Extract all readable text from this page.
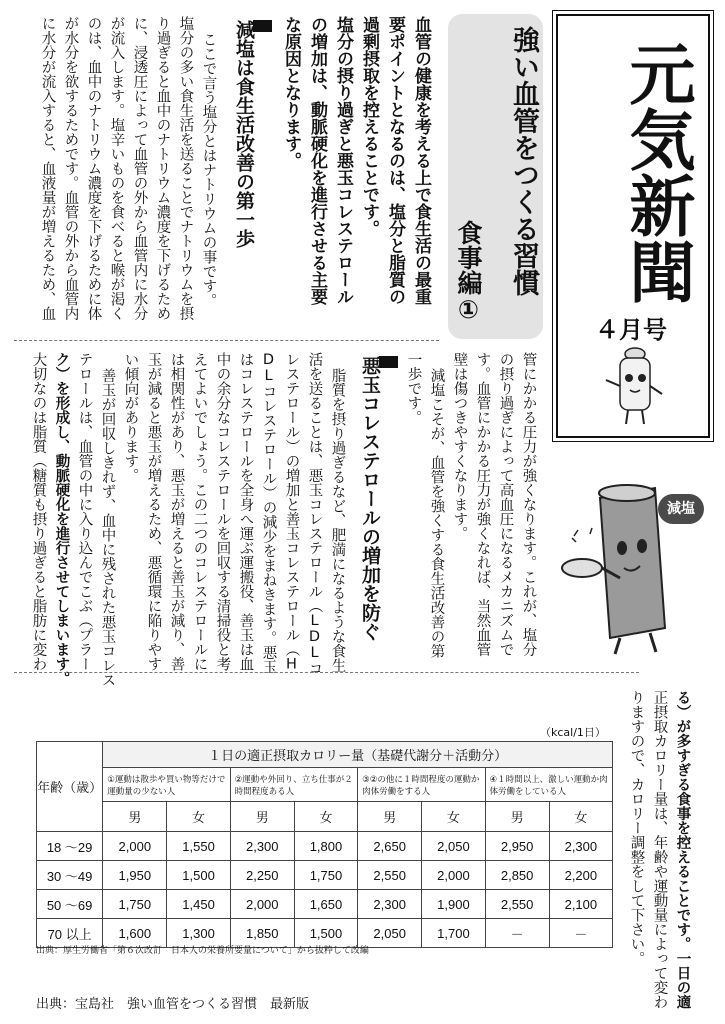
元気新聞
４月号
強い血管をつくる習慣
食事編①
血管の健康を考える上で食生活の最重
要ポイントとなるのは、塩分と脂質の
過剰摂取を控えることです。
塩分の摂り過ぎと悪玉コレステロール
の増加は、動脈硬化を進行させる主要
な原因となります。
減塩は食生活改善の第一歩
ここで言う塩分とはナトリウムの事です。
塩分の多い食生活を送ることでナトリウムを摂
り過ぎると血中のナトリウム濃度を下げるため
に、浸透圧によって血管の外から血管内に水分
が流入します。塩辛いものを食べると喉が渇く
のは、血中のナトリウム濃度を下げるために体
が水分を欲するためです。血管の外から血管内
に水分が流入すると、血液量が増えるため、血
管にかかる圧力が強くなります。これが、塩分
の摂り過ぎによって高血圧になるメカニズムで
す。血管にかかる圧力が強くなれば、当然血管
壁は傷つきやすくなります。
減塩こそが、血管を強くする食生活改善の第
一歩です。
悪玉コレステロールの増加を防ぐ
脂質を摂り過ぎるなど、肥満になるような食生
活を送ることは、悪玉コレステロール（LDLコ
レステロール）の増加と善玉コレステロール（H
DLコレステロール）の減少をまねきます。悪玉
はコレステロールを全身へ運ぶ運搬役、善玉は血
中の余分なコレステロールを回収する清掃役と考
えてよいでしょう。この二つのコレステロールに
は相関性があり、悪玉が増えると善玉が減り、善
玉が減ると悪玉が増えるため、悪循環に陥りやす
い傾向があります。
善玉が回収しきれず、血中に残された悪玉コレス
テロールは、血管の中に入り込んでこぶ（プラー
ク）を形成し、動脈硬化を進行させてしまいます。
大切なのは脂質（糖質も摂り過ぎると脂肪に変わ	減塩
る）が多すぎる食事を控えることです。一日の適
正摂取カロリー量は、年齢や運動量によって変わ
りますので、カロリー調整をして下さい。
（kcal/1日）
年齢（歳）	１日の適正摂取カロリー量（基礎代謝分＋活動分）							
	①運動は散歩や買い物等だけで運動量の少ない人		②運動や外回り、立ち仕事が２時間程度ある人		③②の他に１時間程度の運動か肉体労働をする人		④１時間以上、激しい運動か肉体労働をしている人	
	男	女	男	女	男	女	男	女
18 ～29	2,000	1,550	2,300	1,800	2,650	2,050	2,950	2,300
30 ～49	1,950	1,500	2,250	1,750	2,550	2,000	2,850	2,200
50 ～69	1,750	1,450	2,000	1,650	2,300	1,900	2,550	2,100
70 以上	1,600	1,300	1,850	1,500	2,050	1,700	－	－
出典：厚生労働省「第６次改訂　日本人の栄養所要量について」から抜粋して改編
出典：宝島社　強い血管をつくる習慣　最新版
